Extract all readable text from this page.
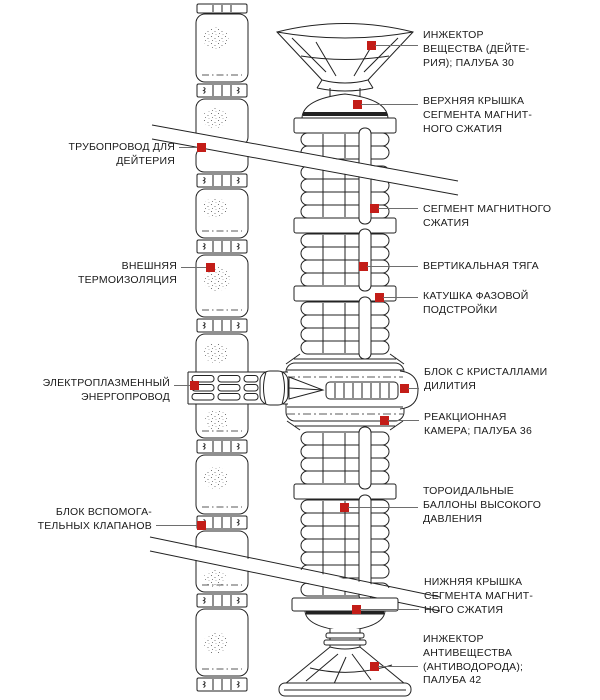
ИНЖЕКТОР
ВЕЩЕСТВА (ДЕЙТЕ-
РИЯ); ПАЛУБА 30
ВЕРХНЯЯ КРЫШКА
СЕГМЕНТА МАГНИТ-
НОГО СЖАТИЯ
СЕГМЕНТ МАГНИТНОГО
СЖАТИЯ
ВЕРТИКАЛЬНАЯ ТЯГА
КАТУШКА ФАЗОВОЙ
ПОДСТРОЙКИ
БЛОК С КРИСТАЛЛАМИ
ДИЛИТИЯ
РЕАКЦИОННАЯ
КАМЕРА; ПАЛУБА 36
ТОРОИДАЛЬНЫЕ
БАЛЛОНЫ ВЫСОКОГО
ДАВЛЕНИЯ
НИЖНЯЯ КРЫШКА
СЕГМЕНТА МАГНИТ-
НОГО СЖАТИЯ
ИНЖЕКТОР
АНТИВЕЩЕСТВА
(АНТИВОДОРОДА);
ПАЛУБА 42
ТРУБОПРОВОД ДЛЯ
ДЕЙТЕРИЯ
ВНЕШНЯЯ
ТЕРМОИЗОЛЯЦИЯ
ЭЛЕКТРОПЛАЗМЕННЫЙ
ЭНЕРГОПРОВОД
БЛОК ВСПОМОГА-
ТЕЛЬНЫХ КЛАПАНОВ
